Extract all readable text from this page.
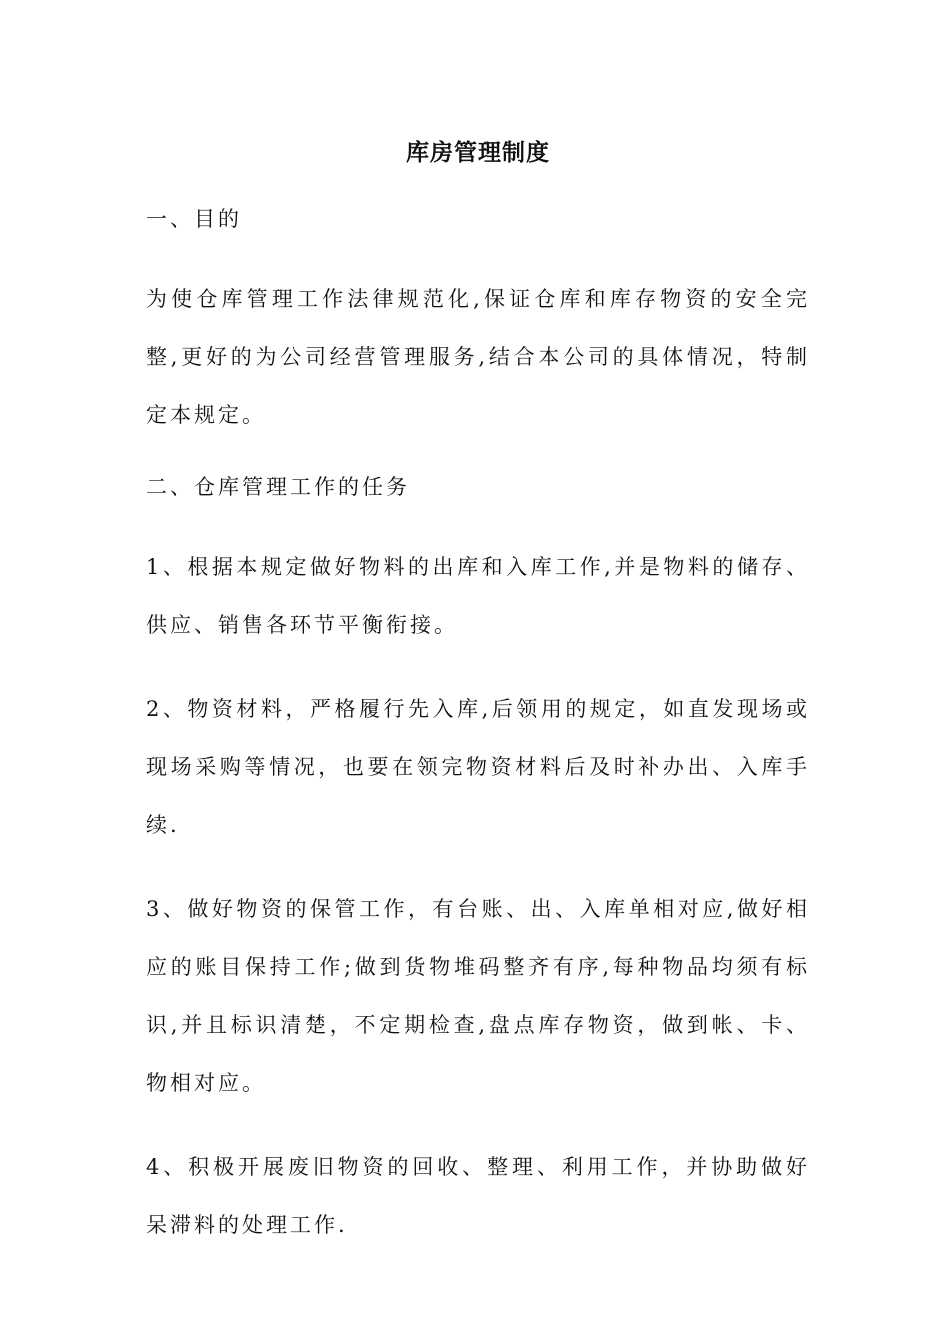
库房管理制度

一、目的

为使仓库管理工作法律规范化,保证仓库和库存物资的安全完整,更好的为公司经营管理服务,结合本公司的具体情况，特制定本规定。

二、仓库管理工作的任务

1、根据本规定做好物料的出库和入库工作,并是物料的储存、供应、销售各环节平衡衔接。

2、物资材料，严格履行先入库,后领用的规定，如直发现场或现场采购等情况，也要在领完物资材料后及时补办出、入库手续.

3、做好物资的保管工作，有台账、出、入库单相对应,做好相应的账目保持工作;做到货物堆码整齐有序,每种物品均须有标识,并且标识清楚，不定期检查,盘点库存物资，做到帐、卡、物相对应。

4、积极开展废旧物资的回收、整理、利用工作，并协助做好呆滞料的处理工作.
